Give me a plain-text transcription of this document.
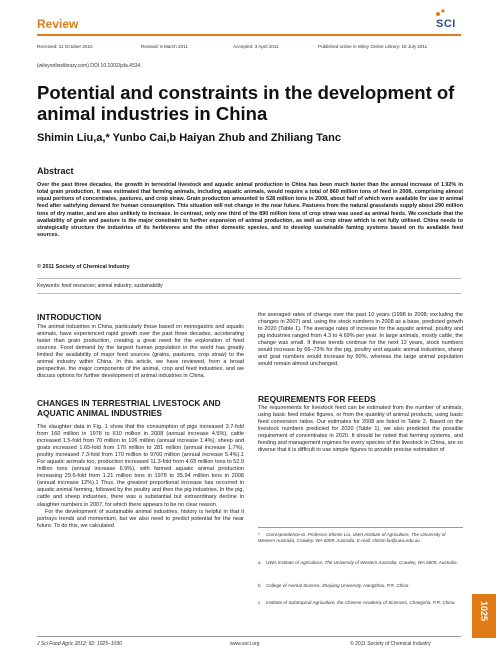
Review	SCI
Received: 11 October 2010	Revised: 6 March 2011	Accepted: 3 April 2011	Published online in Wiley Online Library: 18 July 2011
(wileyonlinelibrary.com) DOI 10.1002/jsfa.4534
Potential and constraints in the development of animal industries in China
Shimin Liu,a,* Yunbo Cai,b Haiyan Zhub and Zhiliang Tanc
Abstract
Over the past three decades, the growth in terrestrial livestock and aquatic animal production in China has been much faster than the annual increase of 1.92% in total grain production. It was estimated that farming animals, including aquatic animals, would require a total of 860 million tons of feed in 2008, comprising almost equal portions of concentrates, pastures, and crop straw. Grain production amounted to 528 million tons in 2008, about half of which were available for use in animal feed after satisfying demand for human consumption. This situation will not change in the near future. Pastures from the natural grasslands supply about 290 million tons of dry matter, and are also unlikely to increase. In contrast, only one third of the 890 million tons of crop straw was used as animal feeds. We conclude that the availability of grain and pasture is the major constraint to further expansion of animal production, as well as crop straw which is not fully utilised. China needs to strategically structure the industries of its herbivores and the other domestic species, and to develop sustainable faming systems based on its available feed sources.
© 2011 Society of Chemical Industry
Keywords: feed resources; animal industry; sustainability
INTRODUCTION
The animal industries in China, particularly those based on monogastric and aquatic animals, have experienced rapid growth over the past three decades, accelerating faster than grain production, creating a great need for the exploration of feed sources. Food demand by the largest human population in the world has greatly limited the availability of major feed sources (grains, pastures, crop straw) to the animal industry within China. In this article, we have reviewed, from a broad perspective, the major components of the animal, crop and feed industries, and we discuss options for further development of animal industries in China.
CHANGES IN TERRESTRIAL LIVESTOCK AND AQUATIC ANIMAL INDUSTRIES
The slaughter data in Fig. 1 show that the consumption of pigs increased 3.7-fold from 160 million in 1978 to 610 million in 2008 (annual increase 4.5%), cattle increased 1.5-fold from 70 million to 106 million (annual increase 1.4%), sheep and goats increased 1.65-fold from 170 million to 281 million (annual increase 1.7%), poultry increased 7.3-fold from 170 million to 9700 million (annual increase 5.4%).1 For aquatic animals too, production increased 11.3-fold from 4.65 million tons to 52.9 million tons (annual increase 6.9%), with farmed aquatic animal production increasing 29.6-fold from 1.21 million tons in 1978 to 35.94 million tons in 2008 (annual increase 12%).1 Thus, the greatest proportional increase has occurred in aquatic animal farming, followed by the poultry and then the pig industries. In the pig, cattle and sheep industries, there was a substantial but extraordinary decline in slaughter numbers in 2007, for which there appears to be no clear reason.
For the development of sustainable animal industries, history is helpful in that it portrays trends and momentum, but we also need to predict potential for the near future. To do this, we calculated
the averaged rates of change over the past 10 years (1998 to 2008; excluding the changes in 2007) and, using the stock numbers in 2008 as a base, predicted growth to 2020 (Table 1). The average rates of increase for the aquatic animal, poultry and pig industries ranged from 4.3 to 4.69% per year. In large animals, mostly cattle, the change was small. If these trends continue for the next 12 years, stock numbers would increase by 66–73% for the pig, poultry and aquatic animal industries, sheep and goat numbers would increase by 50%, whereas the large animal population would remain almost unchanged.
REQUIREMENTS FOR FEEDS
The requirements for livestock feed can be estimated from the number of animals, using basic feed intake figures, or from the quantity of animal products, using basic feed conversion ratios. Our estimates for 2008 are listed in Table 2. Based on the livestock numbers predicted for 2020 (Table 1), we also predicted the possible requirement of concentrates in 2020. It should be noted that farming systems, and feeding and management regimes for every species of the livestock in China, are so diverse that it is difficult to use simple figures to provide precise estimation of
* Correspondence to: Professor Shimin Liu, UWA Institute of Agriculture, The University of Western Australia, Crawley, WA 6009, Australia. E-mail: shimin.liu@uwa.edu.au
a UWA Institute of Agriculture, The University of Western Australia, Crawley, WA 6009, Australia
b College of Animal Science, Zhejiang University, Hangzhou, P.R. China
c Institute of Subtropical Agriculture, the Chinese Academy of Sciences, Changsha, P.R. China
J Sci Food Agric 2012; 92: 1025–1030	www.soci.org	© 2011 Society of Chemical Industry
1025
